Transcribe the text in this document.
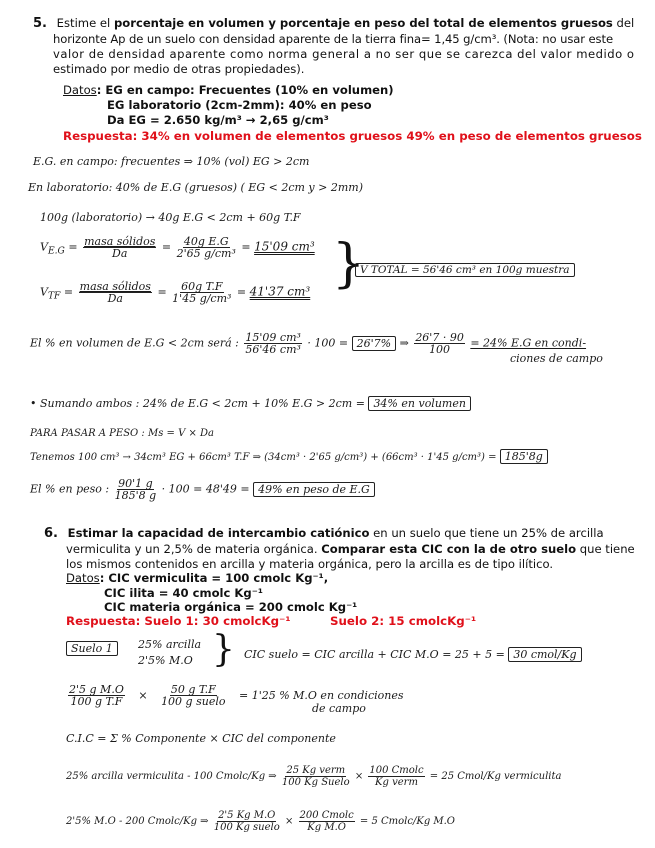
5. Estime el porcentaje en volumen y porcentaje en peso del total de elementos gruesos del
horizonte Ap de un suelo con densidad aparente de la tierra fina= 1,45 g/cm³. (Nota: no usar este
valor de densidad aparente como norma general a no ser que se carezca del valor medido o
estimado por medio de otras propiedades).
Datos: EG en campo: Frecuentes (10% en volumen)
EG laboratorio (2cm-2mm): 40% en peso
Da EG = 2.650 kg/m³ → 2,65 g/cm³
Respuesta: 34% en volumen de elementos gruesos 49% en peso de elementos gruesos
E.G. en campo: frecuentes ⇒ 10% (vol) EG > 2cm
En laboratorio: 40% de E.G (gruesos) ( EG < 2cm y > 2mm)
100g (laboratorio) → 40g E.G < 2cm + 60g T.F
$V_{E.G} = \frac{\text{masa sólidos}}{Da} = \frac{\text{40g E.G}}{\text{2'65 g/cm³}} = 15'09$ cm³
$V_{TF} = \frac{\text{masa sólidos}}{Da} = \frac{\text{60g T.F}}{\text{1'45 g/cm³}} = 41'37$ cm³ }
V TOTAL = 56'46 cm³ en 100g muestra
El % en volumen de E.G < 2cm será : $\frac{\text{15'09 cm³}}{\text{56'46 cm³}} \cdot 100 = 26'7\%$ ⇒ $\frac{26'7 \cdot 90}{100} = 24\%$ E.G en condi-
ciones de campo
• Sumando ambos : 24% de E.G < 2cm + 10% E.G > 2cm = 34% en volumen
PARA PASAR A PESO : Ms = V × Da
Tenemos 100 cm³ → 34cm³ EG + 66cm³ T.F ⇒ (34cm³ · 2'65 g/cm³) + (66cm³ · 1'45 g/cm³) = 185'8g
El % en peso : $\frac{90'1 g}{185'8 g} \cdot 100 = 48'49 = 49\%$ en peso de E.G
6. Estimar la capacidad de intercambio catiónico en un suelo que tiene un 25% de arcilla
vermiculita y un 2,5% de materia orgánica. Comparar esta CIC con la de otro suelo que tiene
los mismos contenidos en arcilla y materia orgánica, pero la arcilla es de tipo ilítico.
Datos: CIC vermiculita = 100 cmolc Kg⁻¹,
CIC ilita = 40 cmolc Kg⁻¹
CIC materia orgánica = 200 cmolc Kg⁻¹
Respuesta: Suelo 1: 30 cmolcKg⁻¹	Suelo 2: 15 cmolcKg⁻¹
Suelo 1	25% arcilla
2'5% M.O } CIC suelo = CIC arcilla + CIC M.O = 25 + 5 = 30 cmol/Kg
$\frac{\text{2'5 g M.O}}{\text{100 g T.F}} \times \frac{\text{50 g T.F}}{\text{100 g suelo}} = 1'25$ % M.O en condiciones
de campo
C.I.C = Σ % Componente × CIC del componente
25% arcilla vermiculita - 100 Cmolc/Kg ⇒ $\frac{\text{25 Kg verm}}{\text{100 Kg Suelo}} \times \frac{\text{100 Cmolc}}{\text{Kg verm}} = 25$ Cmol/Kg vermiculita
2'5% M.O - 200 Cmolc/Kg ⇒ $\frac{\text{2'5 Kg M.O}}{\text{100 Kg suelo}} \times \frac{\text{200 Cmolc}}{\text{Kg M.O}} = 5$ Cmolc/Kg M.O
